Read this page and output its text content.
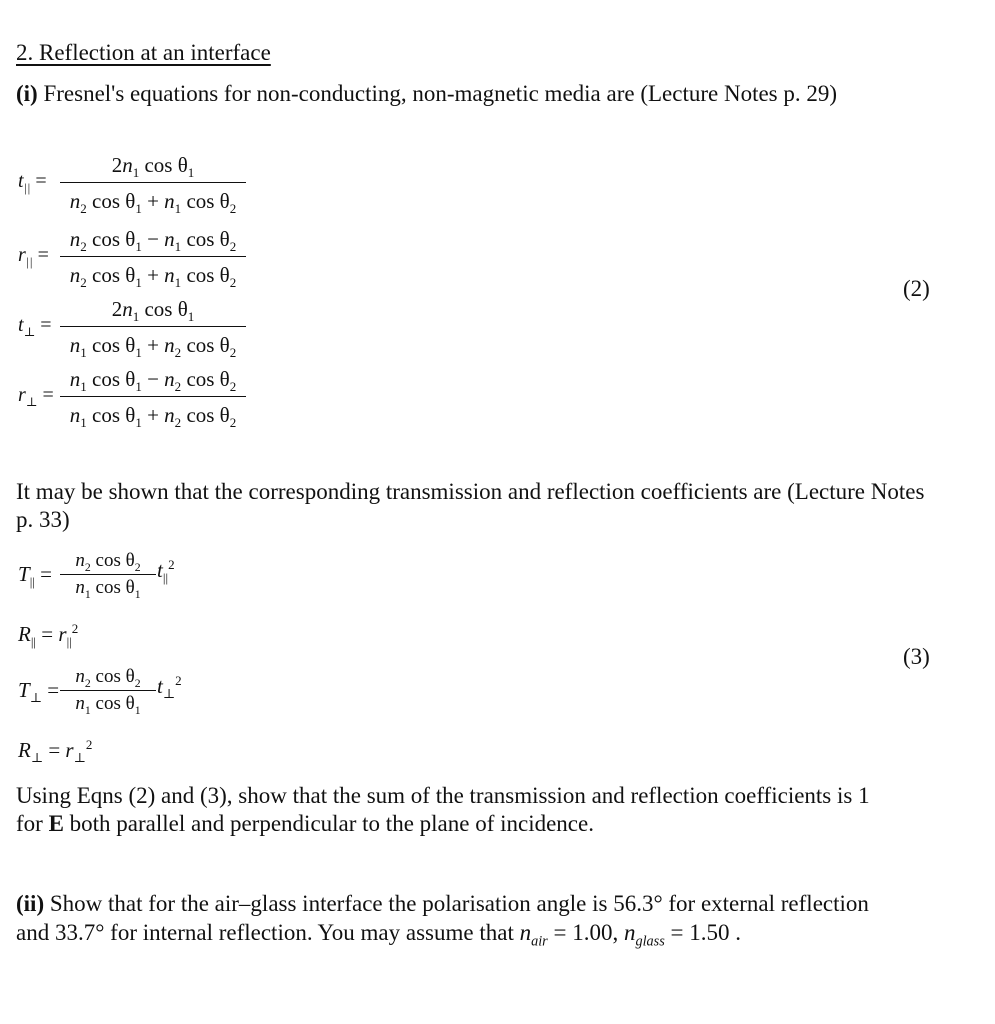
2. Reflection at an interface
(i) Fresnel's equations for non-conducting, non-magnetic media are (Lecture Notes p. 29)
$t_{||}$ =
$2n_1$ $\cos \theta_1$
$n_2$ $\cos \theta_1 + n_1$ $\cos \theta_2$
$r_{||}$ =
$n_2$ $\cos \theta_1 - n_1$ $\cos \theta_2$
$n_2$ $\cos \theta_1 + n_1$ $\cos \theta_2$
$t_\perp$ =
$2n_1$ $\cos \theta_1$
$n_1$ $\cos \theta_1 + n_2$ $\cos \theta_2$
$r_\perp$ =
$n_1$ $\cos \theta_1 - n_2$ $\cos \theta_2$
$n_1$ $\cos \theta_1 + n_2$ $\cos \theta_2$
(2)
It may be shown that the corresponding transmission and reflection coefficients are (Lecture Notes p. 33)
$T_{||}$ =
$n_2$ $\cos \theta_2$
$n_1$ $\cos \theta_1$
$t_{||}^2$
$R_{||} = r_{||}^2$
$T_\perp$ =
$n_2$ $\cos \theta_2$
$n_1$ $\cos \theta_1$
$t_\perp^2$
$R_\perp = r_\perp^2$
(3)
Using Eqns (2) and (3), show that the sum of the transmission and reflection coefficients is 1
for E both parallel and perpendicular to the plane of incidence.
(ii) Show that for the air–glass interface the polarisation angle is 56.3° for external reflection
and 33.7° for internal reflection. You may assume that $n_{air} = 1.00$, $n_{glass} = 1.50$ .
